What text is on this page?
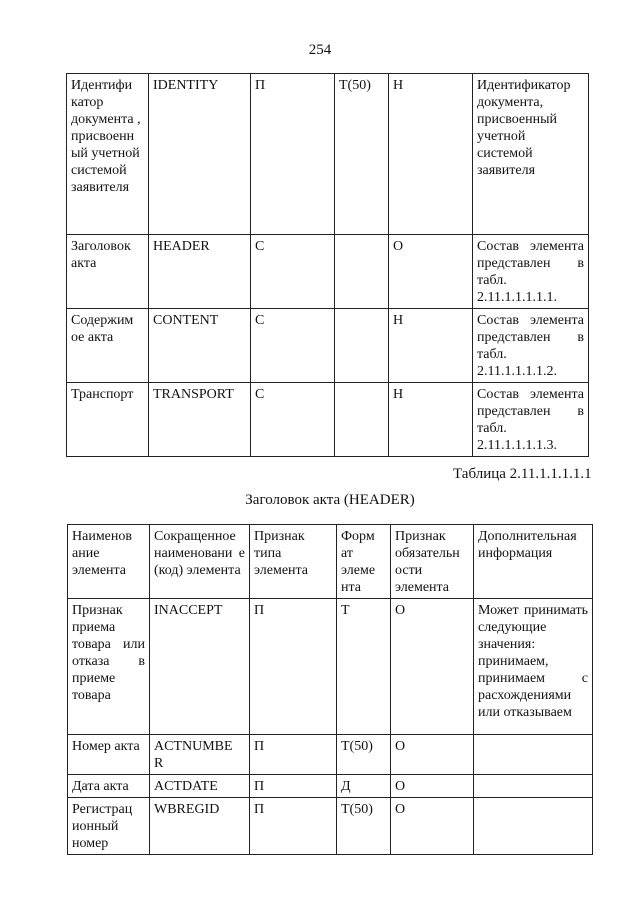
254
Идентифи катор документа , присвоенн ый учетной системой заявителя	IDENTITY	П	T(50)	Н	Идентификатор документа, присвоенный учетной системой заявителя
Заголовок акта	HEADER	С		О	Состав элемента представлен в табл. 2.11.1.1.1.1.1.
Содержим ое акта	CONTENT	С		Н	Состав элемента представлен в табл. 2.11.1.1.1.1.2.
Транспорт	TRANSPORT	С		Н	Состав элемента представлен в табл. 2.11.1.1.1.1.3.
Таблица 2.11.1.1.1.1.1
Заголовок акта (HEADER)
Наименов ание элемента	Сокращенное наименовани е (код) элемента	Признак типа элемента	Форм ат элеме нта	Признак обязательн ости элемента	Дополнительная информация
Признак приема товара или отказа в приеме товара	INACCEPT	П	T	О	Может принимать следующие значения: принимаем, принимаем с расхождениями или отказываем
Номер акта	ACTNUMBE R	П	T(50)	О	
Дата акта	ACTDATE	П	Д	О	
Регистрац ионный номер	WBREGID	П	T(50)	О	
